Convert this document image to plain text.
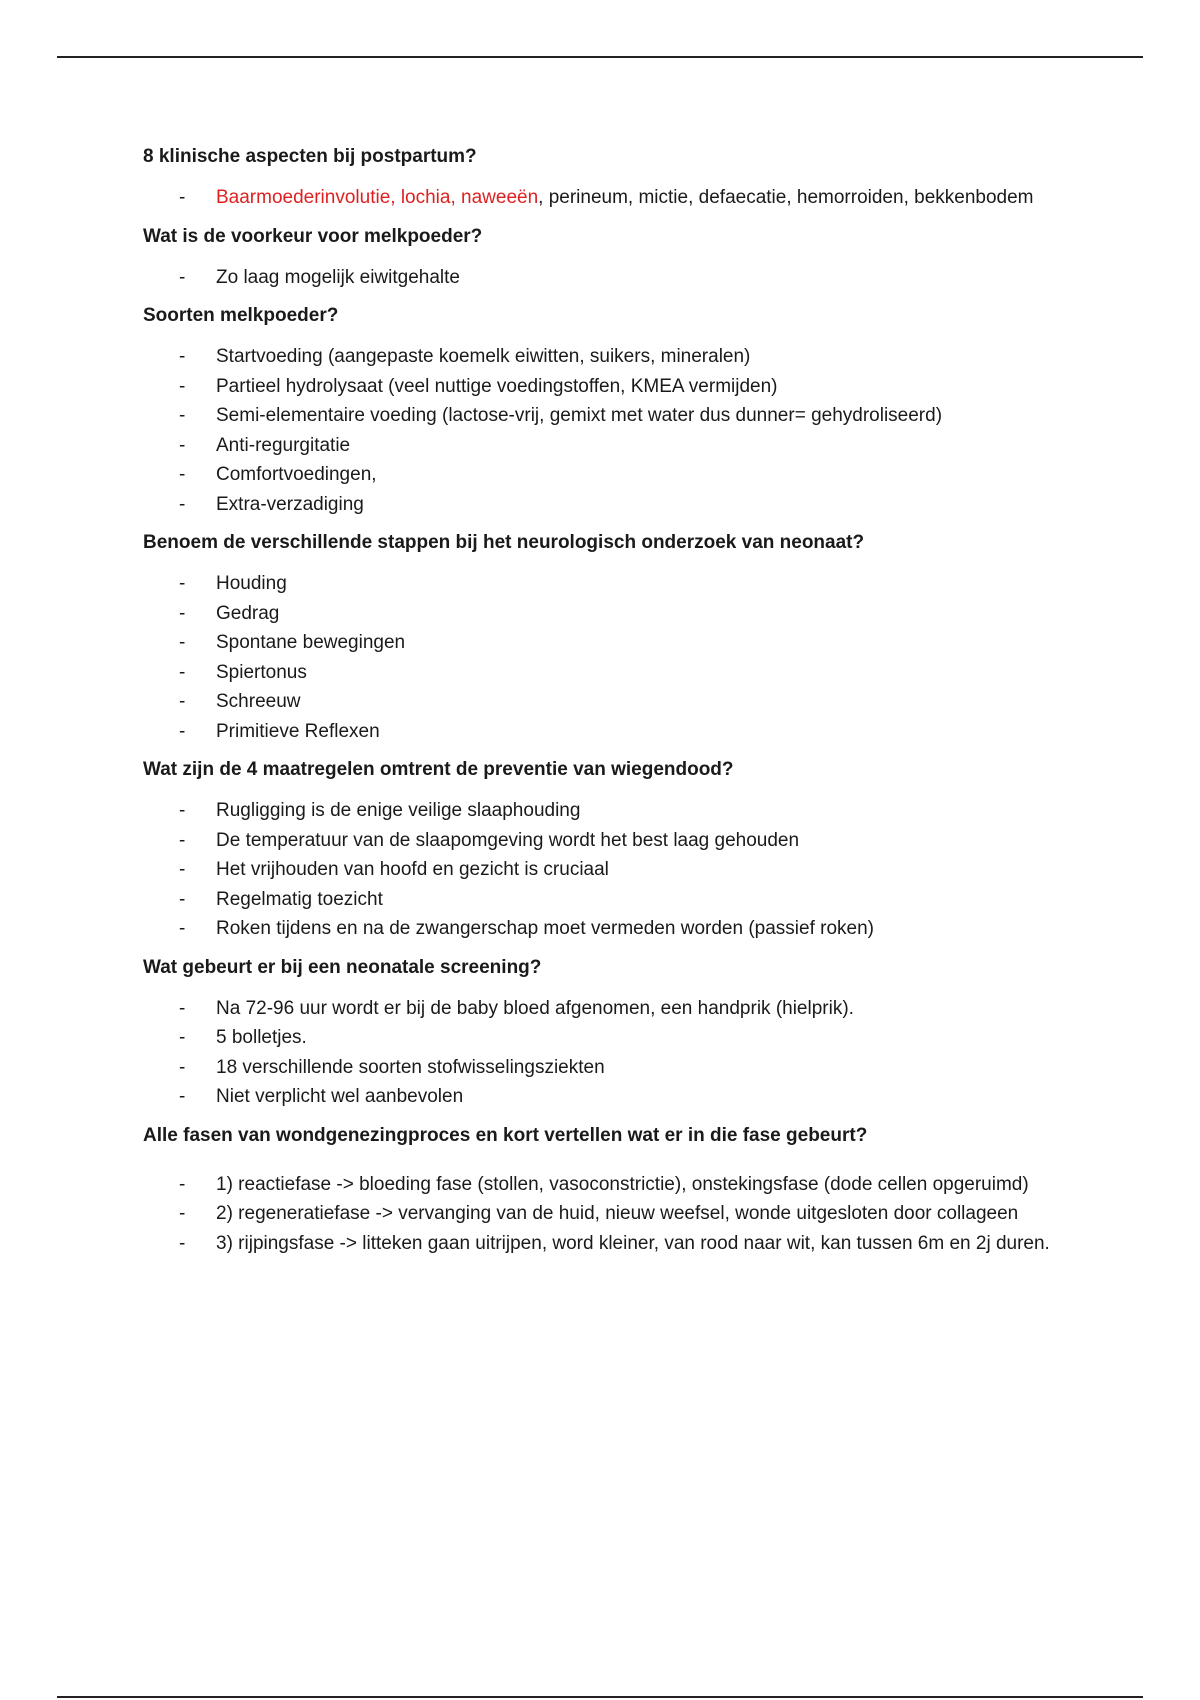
8 klinische aspecten bij postpartum?
- Baarmoederinvolutie, lochia, naweeën, perineum, mictie, defaecatie, hemorroiden, bekkenbodem
Wat is de voorkeur voor melkpoeder?
- Zo laag mogelijk eiwitgehalte
Soorten melkpoeder?
- Startvoeding (aangepaste koemelk eiwitten, suikers, mineralen)
- Partieel hydrolysaat (veel nuttige voedingstoffen, KMEA vermijden)
- Semi-elementaire voeding (lactose-vrij, gemixt met water dus dunner= gehydroliseerd)
- Anti-regurgitatie
- Comfortvoedingen,
- Extra-verzadiging
Benoem de verschillende stappen bij het neurologisch onderzoek van neonaat?
- Houding
- Gedrag
- Spontane bewegingen
- Spiertonus
- Schreeuw
- Primitieve Reflexen
Wat zijn de 4 maatregelen omtrent de preventie van wiegendood?
- Rugligging is de enige veilige slaaphouding
- De temperatuur van de slaapomgeving wordt het best laag gehouden
- Het vrijhouden van hoofd en gezicht is cruciaal
- Regelmatig toezicht
- Roken tijdens en na de zwangerschap moet vermeden worden (passief roken)
Wat gebeurt er bij een neonatale screening?
- Na 72-96 uur wordt er bij de baby bloed afgenomen, een handprik (hielprik).
- 5 bolletjes.
- 18 verschillende soorten stofwisselingsziekten
- Niet verplicht wel aanbevolen
Alle fasen van wondgenezingproces en kort vertellen wat er in die fase gebeurt?
- 1) reactiefase -> bloeding fase (stollen, vasoconstrictie), onstekingsfase (dode cellen opgeruimd)
- 2) regeneratiefase -> vervanging van de huid, nieuw weefsel, wonde uitgesloten door collageen
- 3) rijpingsfase -> litteken gaan uitrijpen, word kleiner, van rood naar wit, kan tussen 6m en 2j duren.
